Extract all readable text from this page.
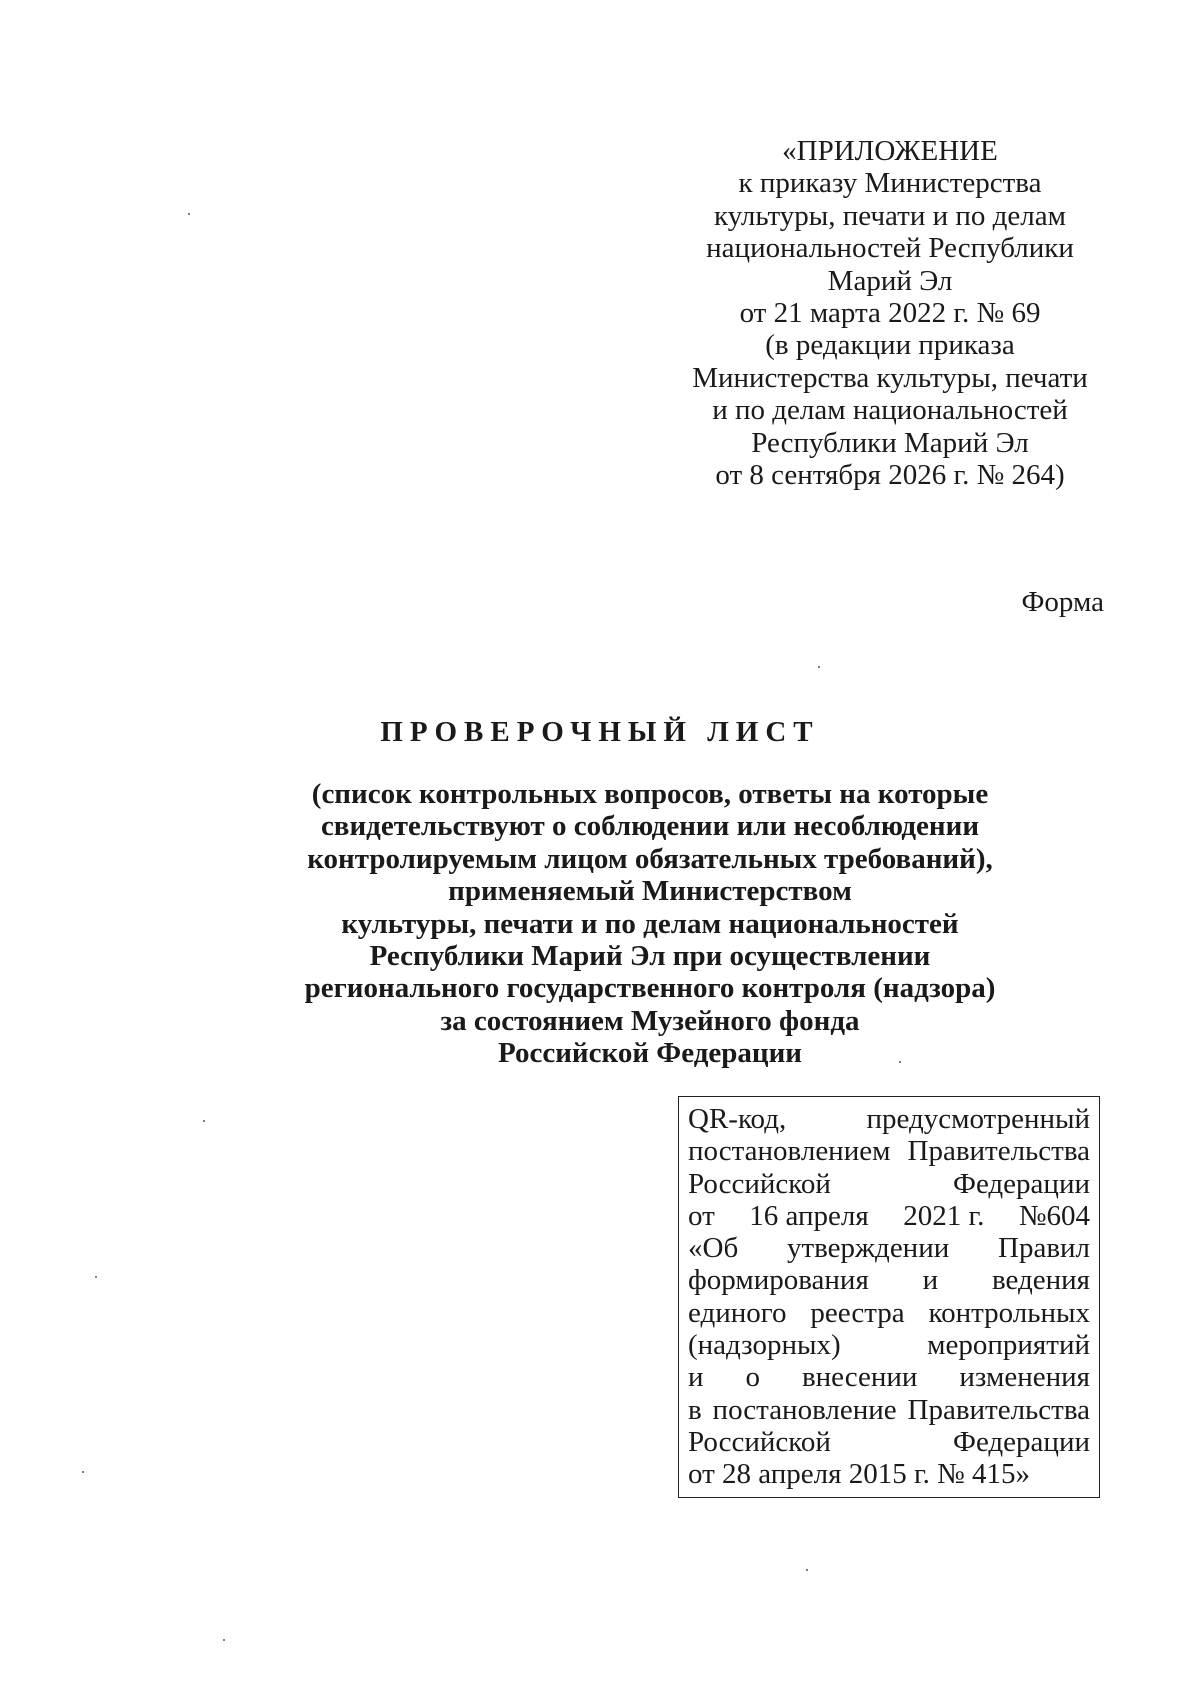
«ПРИЛОЖЕНИЕ
к приказу Министерства
культуры, печати и по делам
национальностей Республики
Марий Эл
от 21 марта 2022 г. № 69
(в редакции приказа
Министерства культуры, печати
и по делам национальностей
Республики Марий Эл
от 8 сентября 2026 г. № 264)
Форма
ПРОВЕРОЧНЫЙ ЛИСТ
(список контрольных вопросов, ответы на которые
свидетельствуют о соблюдении или несоблюдении
контролируемым лицом обязательных требований),
применяемый Министерством
культуры, печати и по делам национальностей
Республики Марий Эл при осуществлении
регионального государственного контроля (надзора)
за состоянием Музейного фонда
Российской Федерации
QR-код,	предусмотренный
постановлением Правительства
Российской	Федерации
от 16 апреля 2021 г. №604
«Об утверждении Правил
формирования и ведения
единого реестра контрольных
(надзорных)	мероприятий
и о внесении изменения
в постановление Правительства
Российской	Федерации
от 28 апреля 2015 г. № 415»
